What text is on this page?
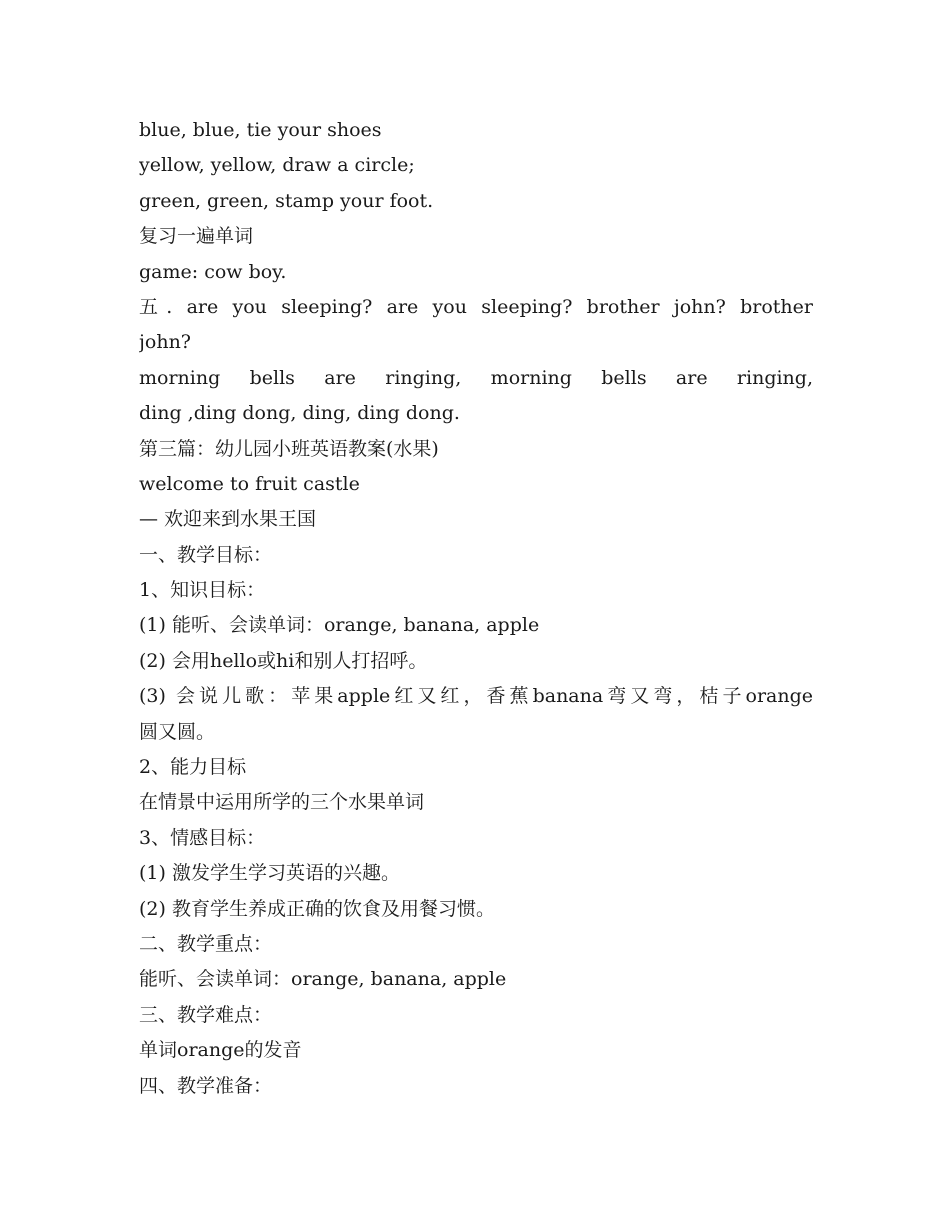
blue, blue, tie your shoes
yellow, yellow, draw a circle;
green, green, stamp your foot.
复习一遍单词
game: cow boy.
五. are you sleeping? are you sleeping? brother john? brother
john?
morning bells are ringing, morning bells are ringing,
ding ,ding dong, ding, ding dong.
第三篇：幼儿园小班英语教案(水果)
welcome to fruit castle
— 欢迎来到水果王国
一、教学目标：
1、知识目标：
(1) 能听、会读单词：orange, banana, apple
(2) 会用hello或hi和别人打招呼。
(3) 会说儿歌：苹果apple红又红，香蕉banana弯又弯，桔子orange
圆又圆。
2、能力目标
在情景中运用所学的三个水果单词
3、情感目标：
(1) 激发学生学习英语的兴趣。
(2) 教育学生养成正确的饮食及用餐习惯。
二、教学重点：
能听、会读单词：orange, banana, apple
三、教学难点：
单词orange的发音
四、教学准备：
